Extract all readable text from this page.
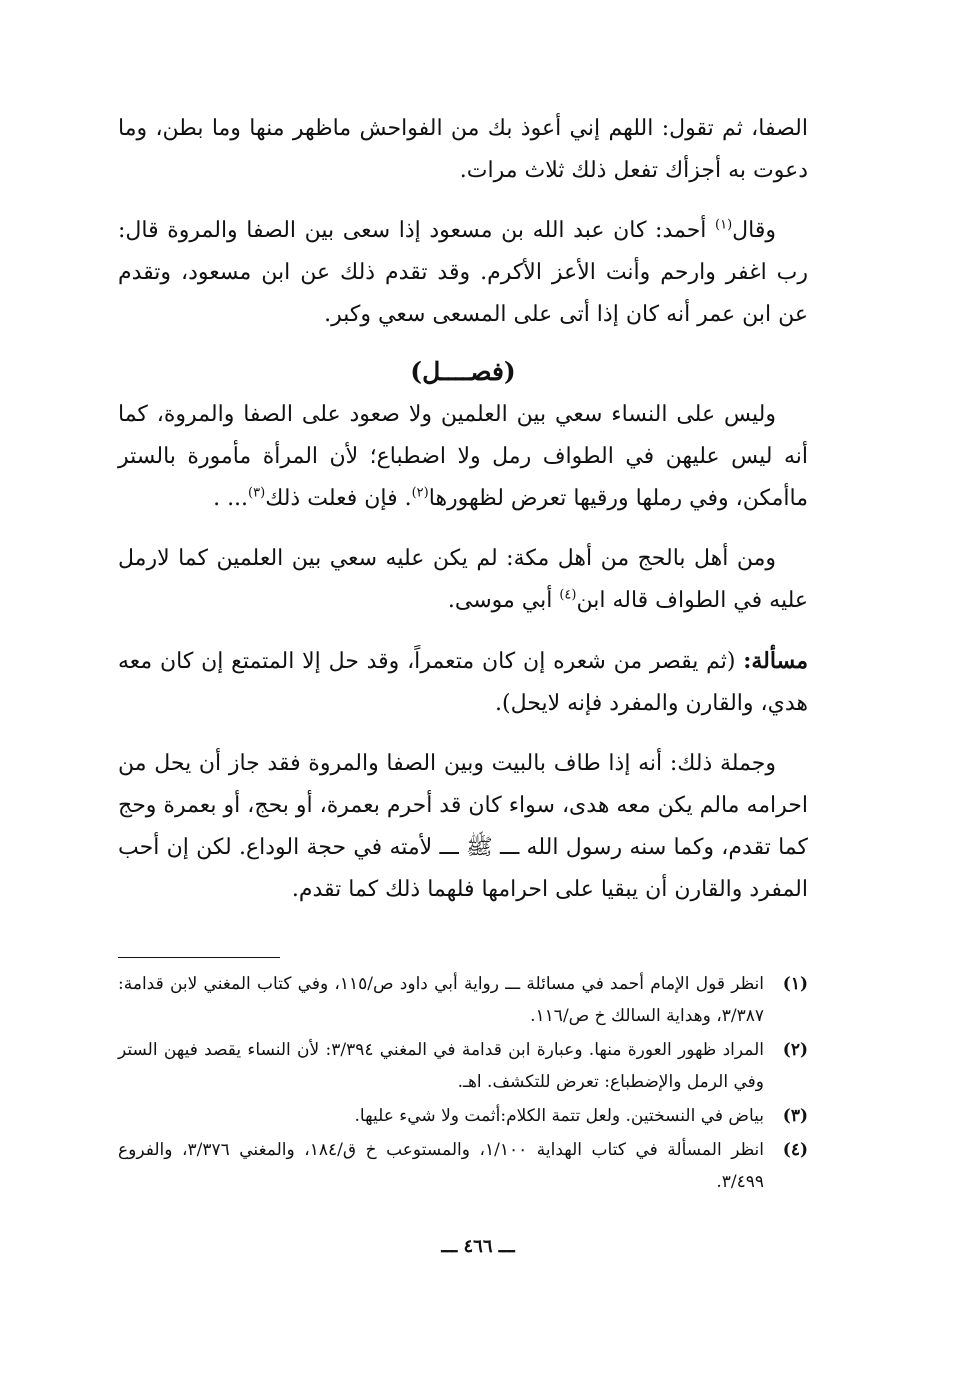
الصفا، ثم تقول: اللهم إني أعوذ بك من الفواحش ماظهر منها وما بطن، وما دعوت به أجزأك تفعل ذلك ثلاث مرات.

وقال$^{(١)}$ أحمد: كان عبد الله بن مسعود إذا سعى بين الصفا والمروة قال: رب اغفر وارحم وأنت الأعز الأكرم. وقد تقدم ذلك عن ابن مسعود، وتقدم عن ابن عمر أنه كان إذا أتى على المسعى سعي وكبر.

(فصــــل)

وليس على النساء سعي بين العلمين ولا صعود على الصفا والمروة، كما أنه ليس عليهن في الطواف رمل ولا اضطباع؛ لأن المرأة مأمورة بالستر ماأمكن، وفي رملها ورقيها تعرض لظهورها$^{(٢)}$. فإن فعلت ذلك$^{(٣)}$... .

ومن أهل بالحج من أهل مكة: لم يكن عليه سعي بين العلمين كما لارمل عليه في الطواف قاله ابن$^{(٤)}$ أبي موسى.

مسألة: (ثم يقصر من شعره إن كان متعمراً، وقد حل إلا المتمتع إن كان معه هدي، والقارن والمفرد فإنه لايحل).

وجملة ذلك: أنه إذا طاف بالبيت وبين الصفا والمروة فقد جاز أن يحل من احرامه مالم يكن معه هدى، سواء كان قد أحرم بعمرة، أو بحج، أو بعمرة وحج كما تقدم، وكما سنه رسول الله ـــ ﷺ ـــ لأمته في حجة الوداع. لكن إن أحب المفرد والقارن أن يبقيا على احرامها فلهما ذلك كما تقدم.

(١)
انظر قول الإمام أحمد في مسائلة ـــ رواية أبي داود ص/١١٥، وفي كتاب المغني لابن قدامة: ٣/٣٨٧، وهداية السالك خ ص/١١٦.
(٢)
المراد ظهور العورة منها. وعبارة ابن قدامة في المغني ٣/٣٩٤: لأن النساء يقصد فيهن الستر وفي الرمل والإضطباع: تعرض للتكشف. اهـ.
(٣)
بياض في النسختين. ولعل تتمة الكلام:أثمت ولا شيء عليها.
(٤)
انظر المسألة في كتاب الهداية ١/١٠٠، والمستوعب خ ق/١٨٤، والمغني ٣/٣٧٦، والفروع ٣/٤٩٩.
ـــ ٤٦٦ ـــ
